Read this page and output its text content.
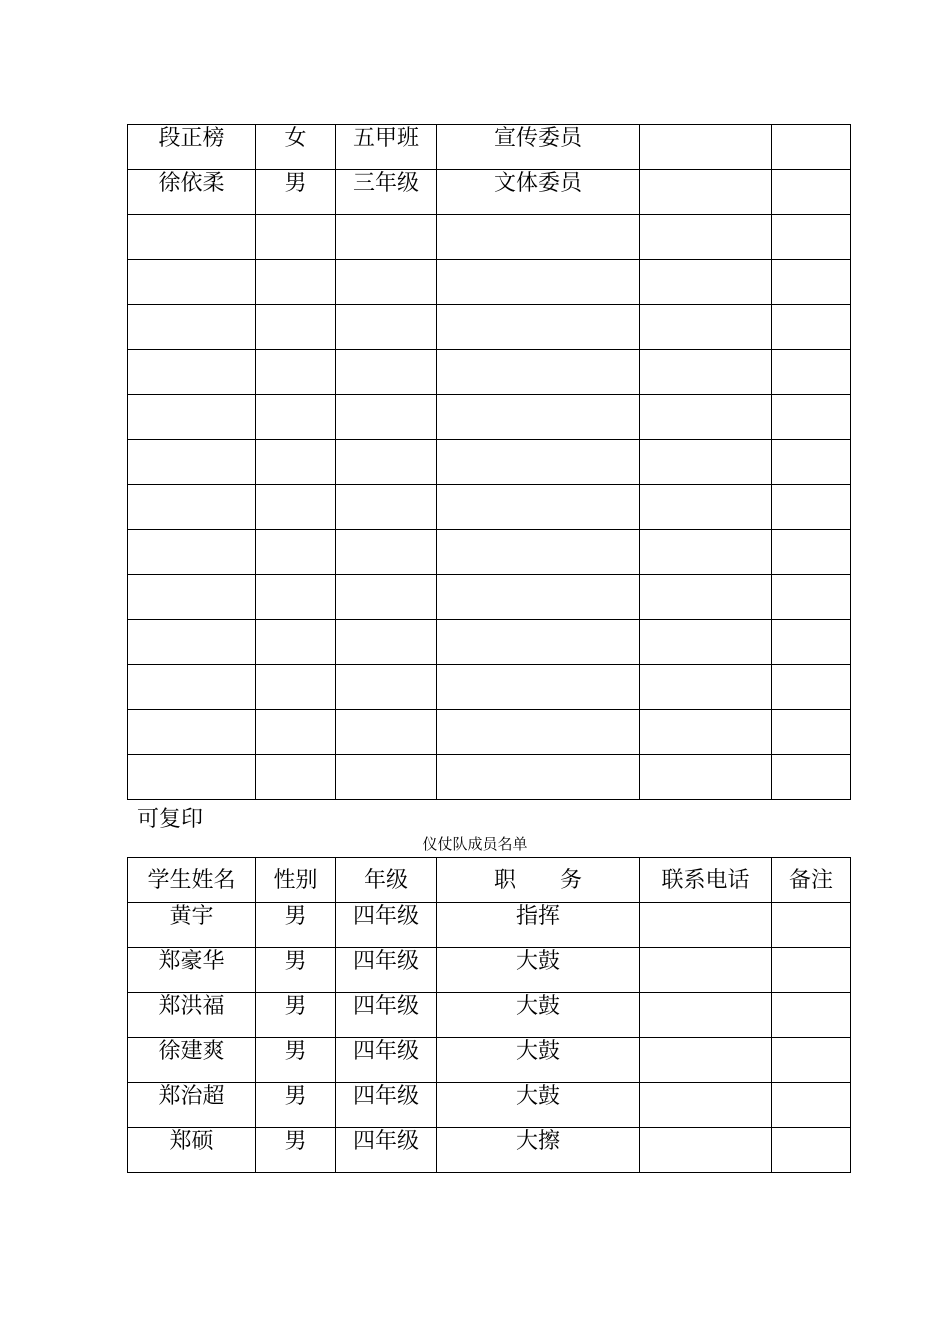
段正榜	女	五甲班	宣传委员		

徐依柔	男	三年级	文体委员		

可复印
仪仗队成员名单
学生姓名	性别	年级	职　　务	联系电话	备注

黄宇	男	四年级	指挥		

郑豪华	男	四年级	大鼓		

郑洪福	男	四年级	大鼓		

徐建爽	男	四年级	大鼓		

郑治超	男	四年级	大鼓		

郑硕	男	四年级	大擦		
